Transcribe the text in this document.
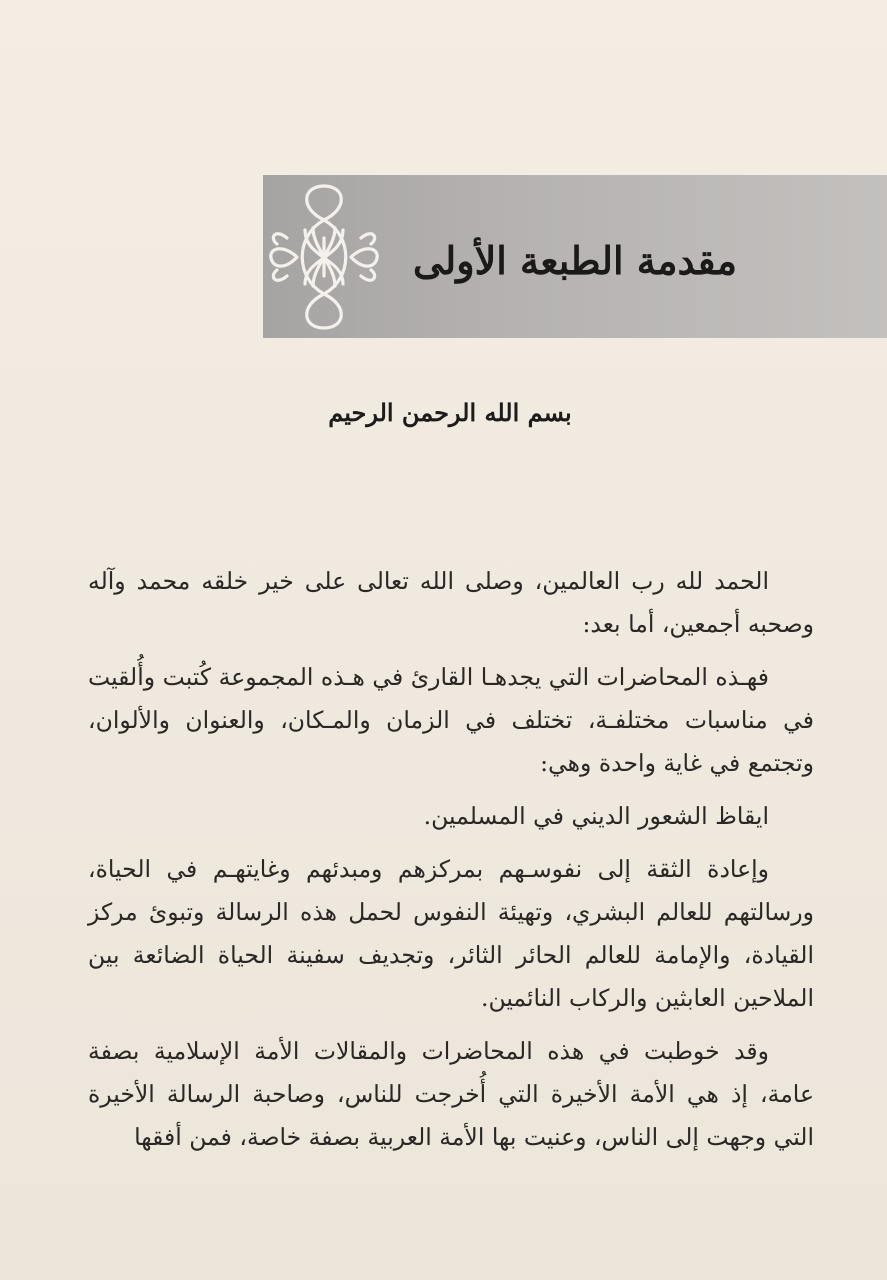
مقدمة الطبعة الأولى
بسم الله الرحمن الرحيم

الحمد لله رب العالمين، وصلى الله تعالى على خير خلقه محمد وآله وصحبه أجمعين، أما بعد:

فهـذه المحاضرات التي يجدهـا القارئ في هـذه المجموعة كُتبت وأُلقيت في مناسبات مختلفـة، تختلف في الزمان والمـكان، والعنوان والألوان، وتجتمع في غاية واحدة وهي:

ايقاظ الشعور الديني في المسلمين.

وإعادة الثقة إلى نفوسـهم بمركزهم ومبدئهم وغايتهـم في الحياة، ورسالتهم للعالم البشري، وتهيئة النفوس لحمل هذه الرسالة وتبوئ مركز القيادة، والإمامة للعالم الحائر الثائر، وتجديف سفينة الحياة الضائعة بين الملاحين العابثين والركاب النائمين.

وقد خوطبت في هذه المحاضرات والمقالات الأمة الإسلامية بصفة عامة، إذ هي الأمة الأخيرة التي أُخرجت للناس، وصاحبة الرسالة الأخيرة التي وجهت إلى الناس، وعنيت بها الأمة العربية بصفة خاصة، فمن أفقها
